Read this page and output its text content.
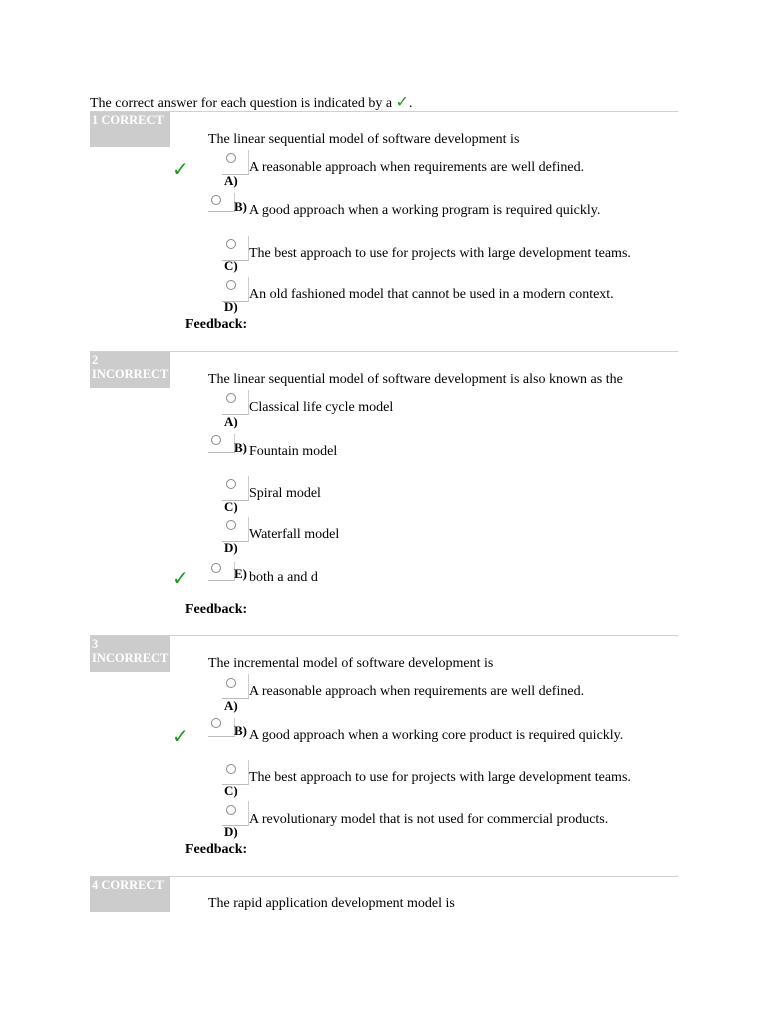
The correct answer for each question is indicated by a ✓.
1 CORRECT
The linear sequential model of software development is
✓	A)
A reasonable approach when requirements are well defined.
B) A good approach when a working program is required quickly.
C)
The best approach to use for projects with large development teams.
D)
An old fashioned model that cannot be used in a modern context.
Feedback:
2 INCORRECT	The linear sequential model of software development is also known as the
A)
Classical life cycle model
B) Fountain model
C)
Spiral model
D)
Waterfall model
✓	E) both a and d
Feedback:
3 INCORRECT	The incremental model of software development is
A)
A reasonable approach when requirements are well defined.
✓	B) A good approach when a working core product is required quickly.
C)
The best approach to use for projects with large development teams.
D)
A revolutionary model that is not used for commercial products.
Feedback:
4 CORRECT
The rapid application development model is
